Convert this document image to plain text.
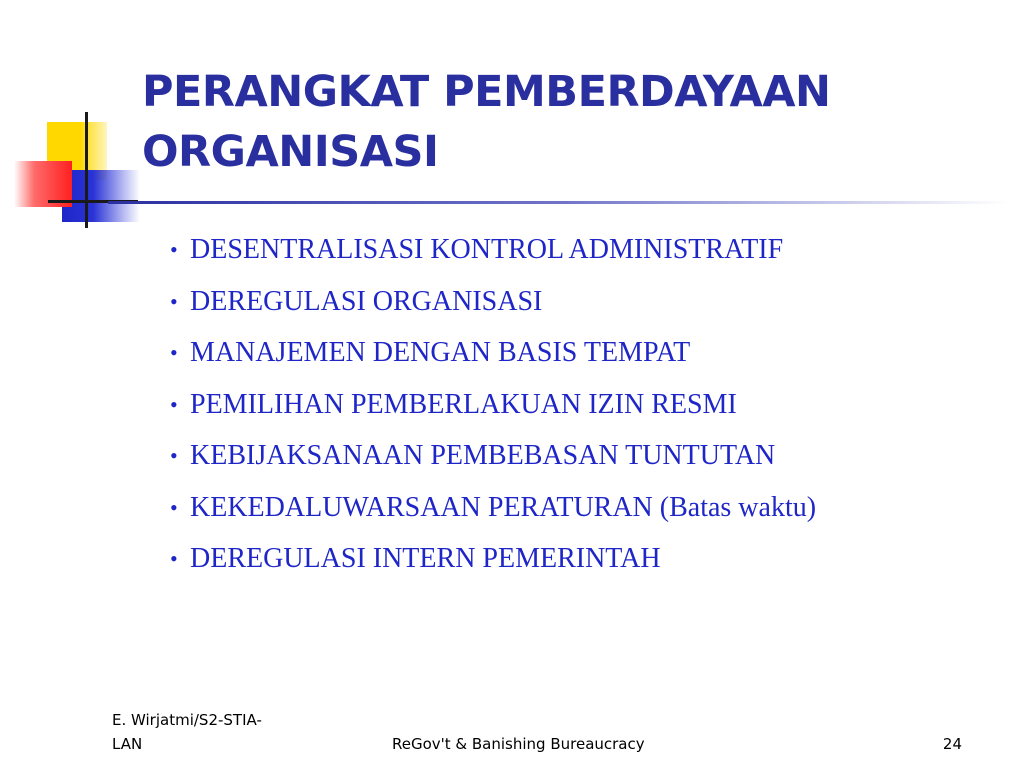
PERANGKAT PEMBERDAYAAN
ORGANISASI
• DESENTRALISASI KONTROL ADMINISTRATIF
• DEREGULASI ORGANISASI
• MANAJEMEN DENGAN BASIS TEMPAT
• PEMILIHAN PEMBERLAKUAN IZIN RESMI
• KEBIJAKSANAAN PEMBEBASAN TUNTUTAN
• KEKEDALUWARSAAN PERATURAN (Batas waktu)
• DEREGULASI INTERN PEMERINTAH
E. Wirjatmi/S2-STIA-
LAN	ReGov't & Banishing Bureaucracy	24
